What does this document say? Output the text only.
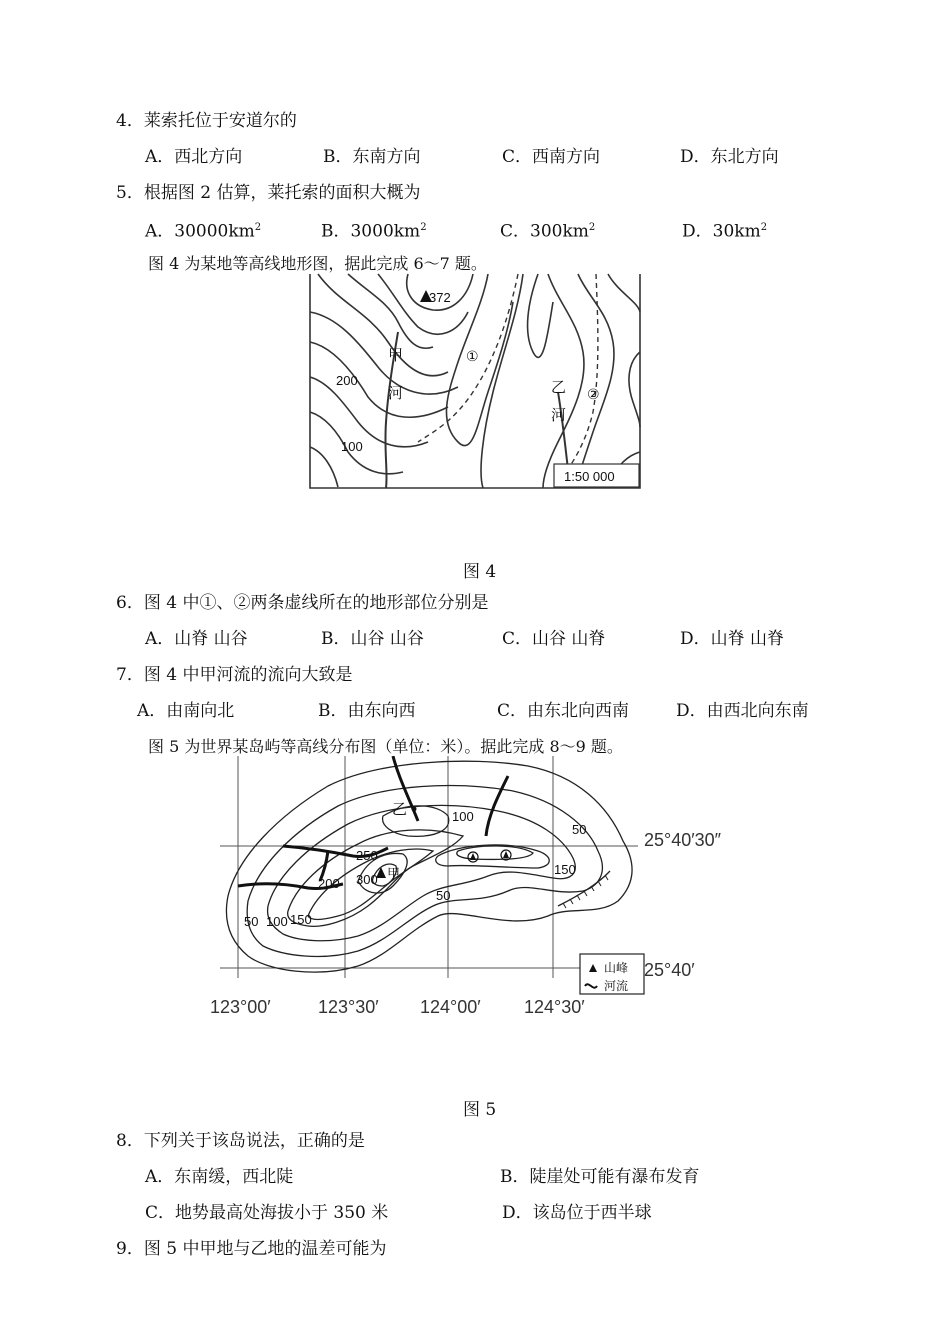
4．莱索托位于安道尔的
A．西北方向	B．东南方向	C．西南方向	D．东北方向
5．根据图 2 估算，莱托索的面积大概为
A．$30000km^2$	B．$3000km^2$	C．$300km^2$	D．$30km^2$
图 4 为某地等高线地形图，据此完成 6～7 题。
372
甲
河
200
100
①
乙
河
②
1:50 000
图 4
6．图 4 中①、②两条虚线所在的地形部位分别是
A．山脊 山谷	B．山谷 山谷	C．山谷 山脊	D．山脊 山脊
7．图 4 中甲河流的流向大致是
A．由南向北	B．由东向西	C．由东北向西南	D．由西北向东南
图 5 为世界某岛屿等高线分布图（单位：米）。据此完成 8～9 题。
乙
甲
50 100 150
250
200 300
100
50
150
50
25°40′30″
25°40′
123°00′	123°30′ 124°00′ 124°30′
山峰
河流
图 5
8．下列关于该岛说法，正确的是
A．东南缓，西北陡	B．陡崖处可能有瀑布发育
C．地势最高处海拔小于 350 米	D．该岛位于西半球
9．图 5 中甲地与乙地的温差可能为
